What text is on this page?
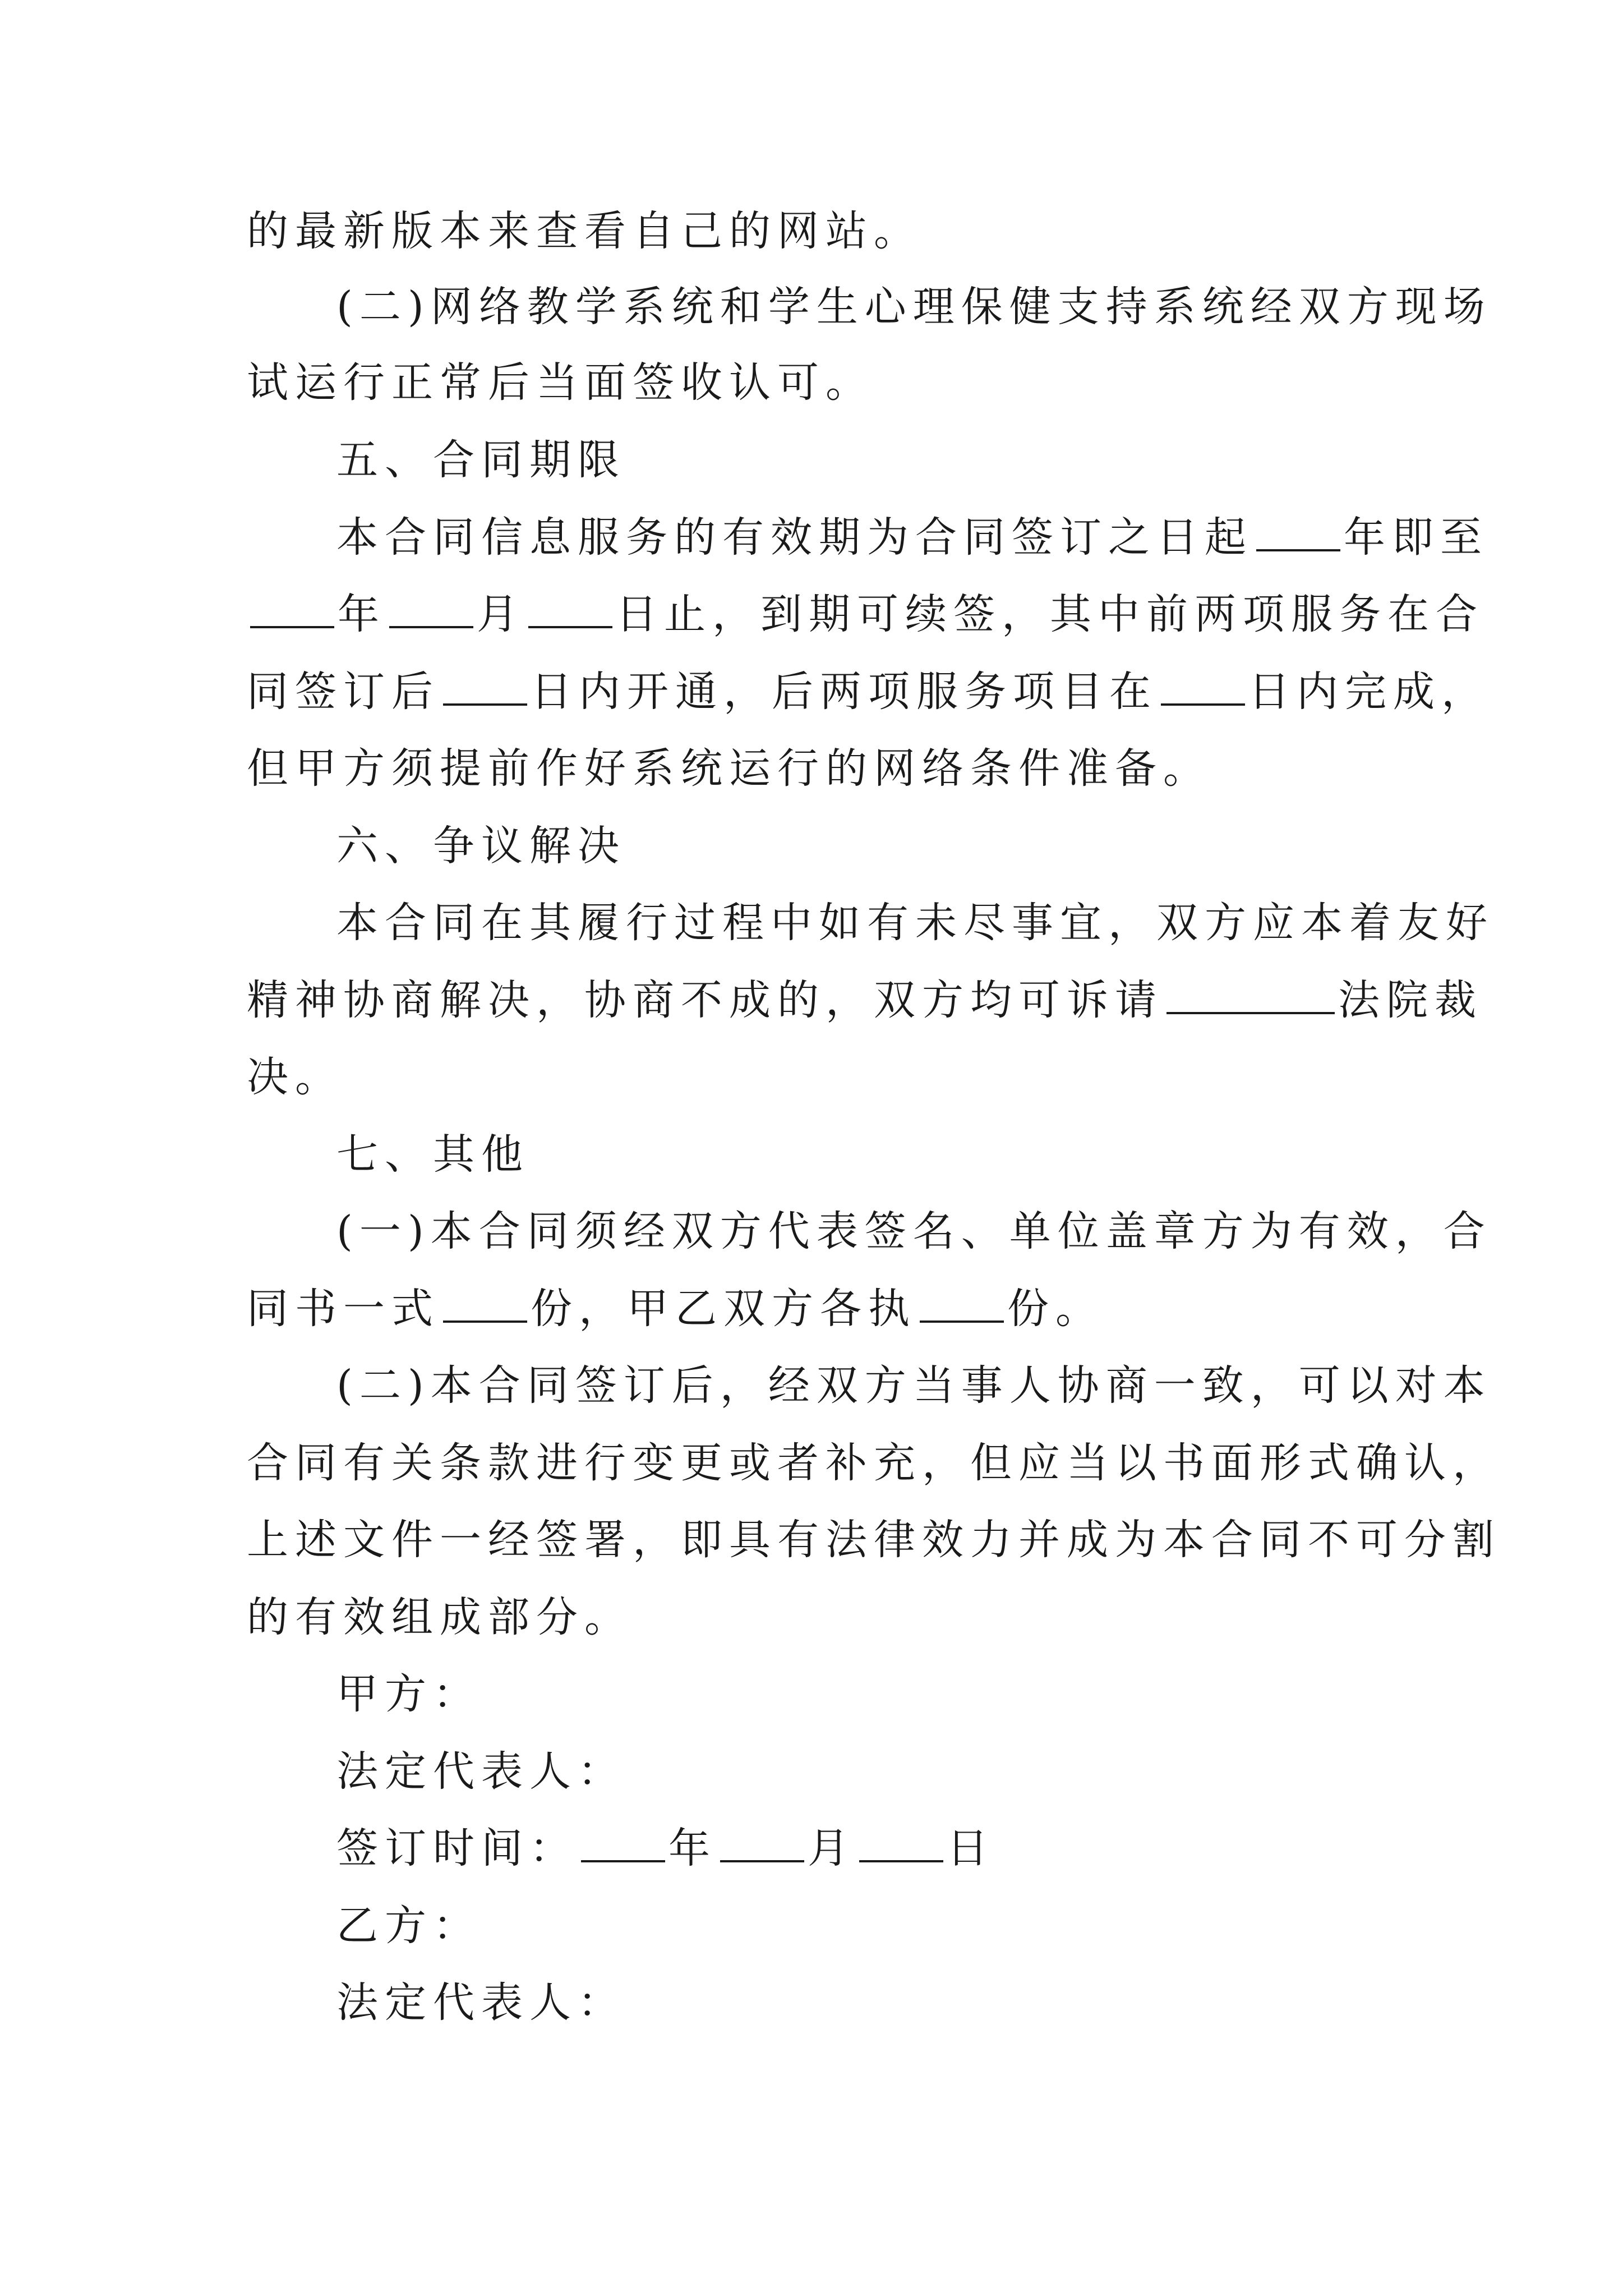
的最新版本来查看自己的网站。
(二)网络教学系统和学生心理保健支持系统经双方现场
试运行正常后当面签收认可。
五、合同期限
本合同信息服务的有效期为合同签订之日起 年即至
年 月 日止，到期可续签，其中前两项服务在合
同签订后 日内开通，后两项服务项目在 日内完成，
但甲方须提前作好系统运行的网络条件准备。
六、争议解决
本合同在其履行过程中如有未尽事宜，双方应本着友好
精神协商解决，协商不成的，双方均可诉请	法院裁
决。
七、其他
(一)本合同须经双方代表签名、单位盖章方为有效，合
同书一式 份，甲乙双方各执 份。
(二)本合同签订后，经双方当事人协商一致，可以对本
合同有关条款进行变更或者补充，但应当以书面形式确认，
上述文件一经签署，即具有法律效力并成为本合同不可分割
的有效组成部分。
甲方：
法定代表人：
签订时间： 年 月 日
乙方：
法定代表人：
